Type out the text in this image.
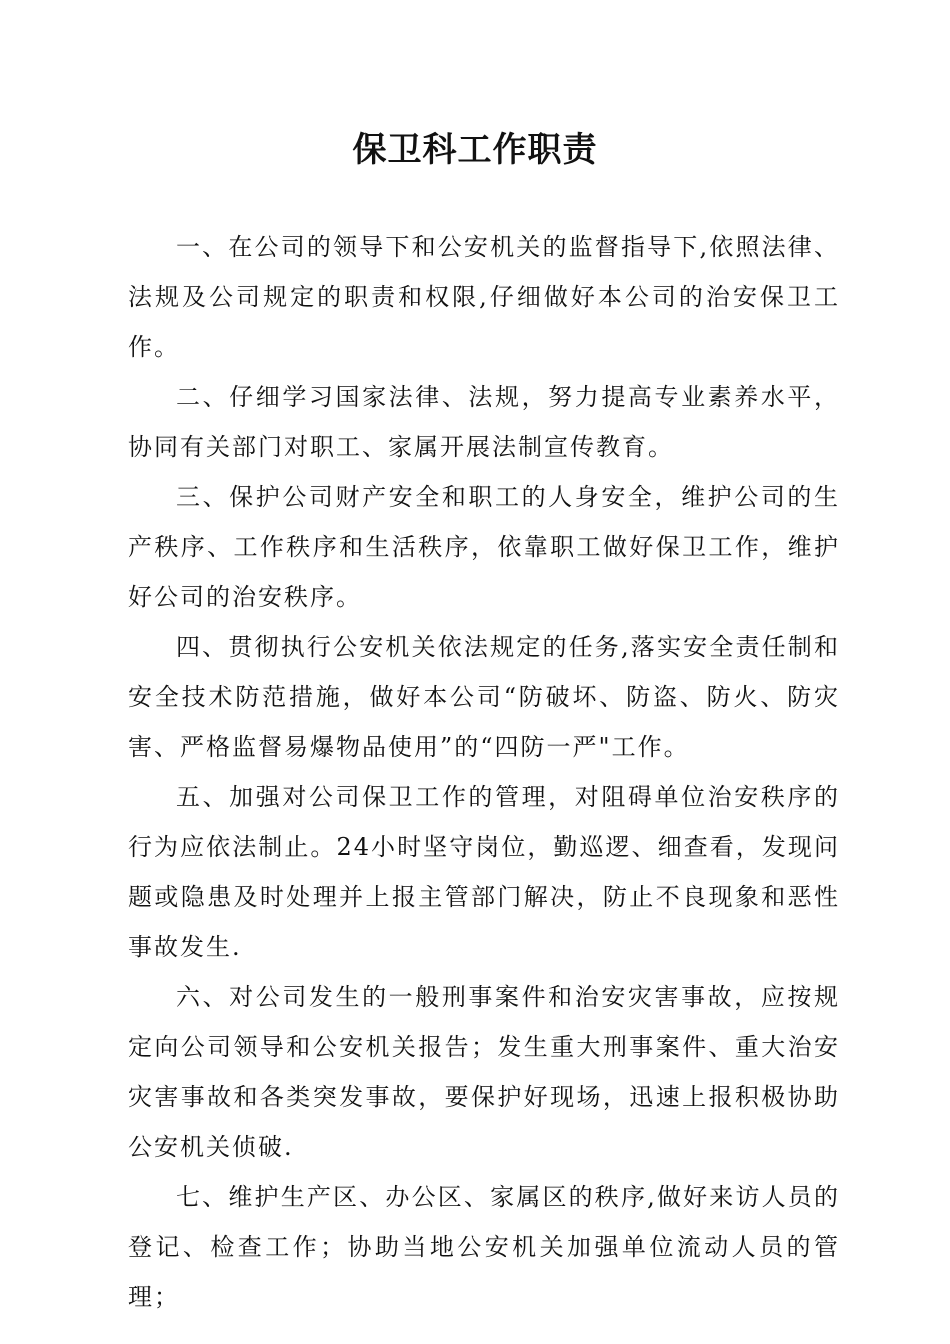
保卫科工作职责

一、在公司的领导下和公安机关的监督指导下,依照法律、法规及公司规定的职责和权限,仔细做好本公司的治安保卫工作。

二、仔细学习国家法律、法规，努力提高专业素养水平，协同有关部门对职工、家属开展法制宣传教育。

三、保护公司财产安全和职工的人身安全，维护公司的生产秩序、工作秩序和生活秩序，依靠职工做好保卫工作，维护好公司的治安秩序。

四、贯彻执行公安机关依法规定的任务,落实安全责任制和安全技术防范措施，做好本公司“防破坏、防盗、防火、防灾害、严格监督易爆物品使用”的“四防一严"工作。

五、加强对公司保卫工作的管理，对阻碍单位治安秩序的行为应依法制止。24小时坚守岗位，勤巡逻、细查看，发现问题或隐患及时处理并上报主管部门解决，防止不良现象和恶性事故发生.

六、对公司发生的一般刑事案件和治安灾害事故，应按规定向公司领导和公安机关报告；发生重大刑事案件、重大治安灾害事故和各类突发事故，要保护好现场，迅速上报积极协助公安机关侦破.

七、维护生产区、办公区、家属区的秩序,做好来访人员的登记、检查工作；协助当地公安机关加强单位流动人员的管理；
